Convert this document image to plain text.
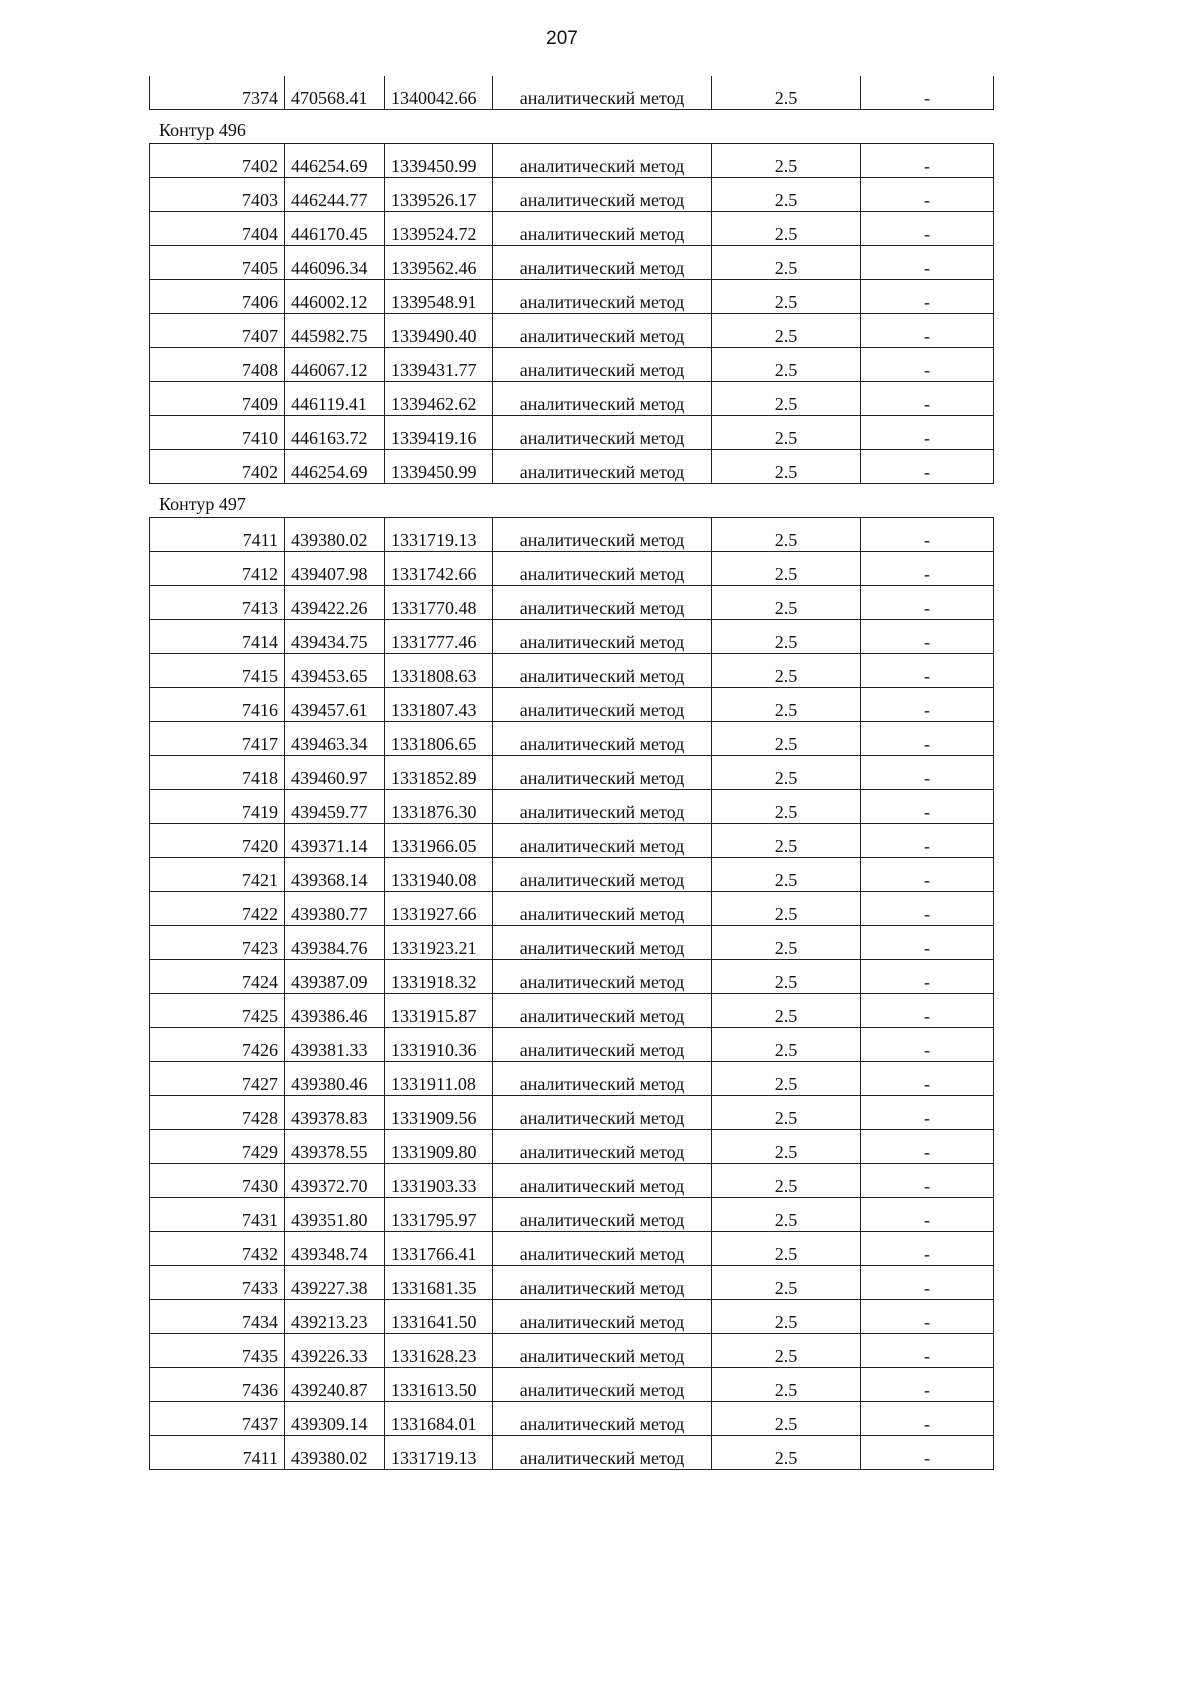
207
7374	470568.41	1340042.66	аналитический метод	2.5	-
Контур 496
7402	446254.69	1339450.99	аналитический метод	2.5	-
7403	446244.77	1339526.17	аналитический метод	2.5	-
7404	446170.45	1339524.72	аналитический метод	2.5	-
7405	446096.34	1339562.46	аналитический метод	2.5	-
7406	446002.12	1339548.91	аналитический метод	2.5	-
7407	445982.75	1339490.40	аналитический метод	2.5	-
7408	446067.12	1339431.77	аналитический метод	2.5	-
7409	446119.41	1339462.62	аналитический метод	2.5	-
7410	446163.72	1339419.16	аналитический метод	2.5	-
7402	446254.69	1339450.99	аналитический метод	2.5	-
Контур 497
7411	439380.02	1331719.13	аналитический метод	2.5	-
7412	439407.98	1331742.66	аналитический метод	2.5	-
7413	439422.26	1331770.48	аналитический метод	2.5	-
7414	439434.75	1331777.46	аналитический метод	2.5	-
7415	439453.65	1331808.63	аналитический метод	2.5	-
7416	439457.61	1331807.43	аналитический метод	2.5	-
7417	439463.34	1331806.65	аналитический метод	2.5	-
7418	439460.97	1331852.89	аналитический метод	2.5	-
7419	439459.77	1331876.30	аналитический метод	2.5	-
7420	439371.14	1331966.05	аналитический метод	2.5	-
7421	439368.14	1331940.08	аналитический метод	2.5	-
7422	439380.77	1331927.66	аналитический метод	2.5	-
7423	439384.76	1331923.21	аналитический метод	2.5	-
7424	439387.09	1331918.32	аналитический метод	2.5	-
7425	439386.46	1331915.87	аналитический метод	2.5	-
7426	439381.33	1331910.36	аналитический метод	2.5	-
7427	439380.46	1331911.08	аналитический метод	2.5	-
7428	439378.83	1331909.56	аналитический метод	2.5	-
7429	439378.55	1331909.80	аналитический метод	2.5	-
7430	439372.70	1331903.33	аналитический метод	2.5	-
7431	439351.80	1331795.97	аналитический метод	2.5	-
7432	439348.74	1331766.41	аналитический метод	2.5	-
7433	439227.38	1331681.35	аналитический метод	2.5	-
7434	439213.23	1331641.50	аналитический метод	2.5	-
7435	439226.33	1331628.23	аналитический метод	2.5	-
7436	439240.87	1331613.50	аналитический метод	2.5	-
7437	439309.14	1331684.01	аналитический метод	2.5	-
7411	439380.02	1331719.13	аналитический метод	2.5	-
